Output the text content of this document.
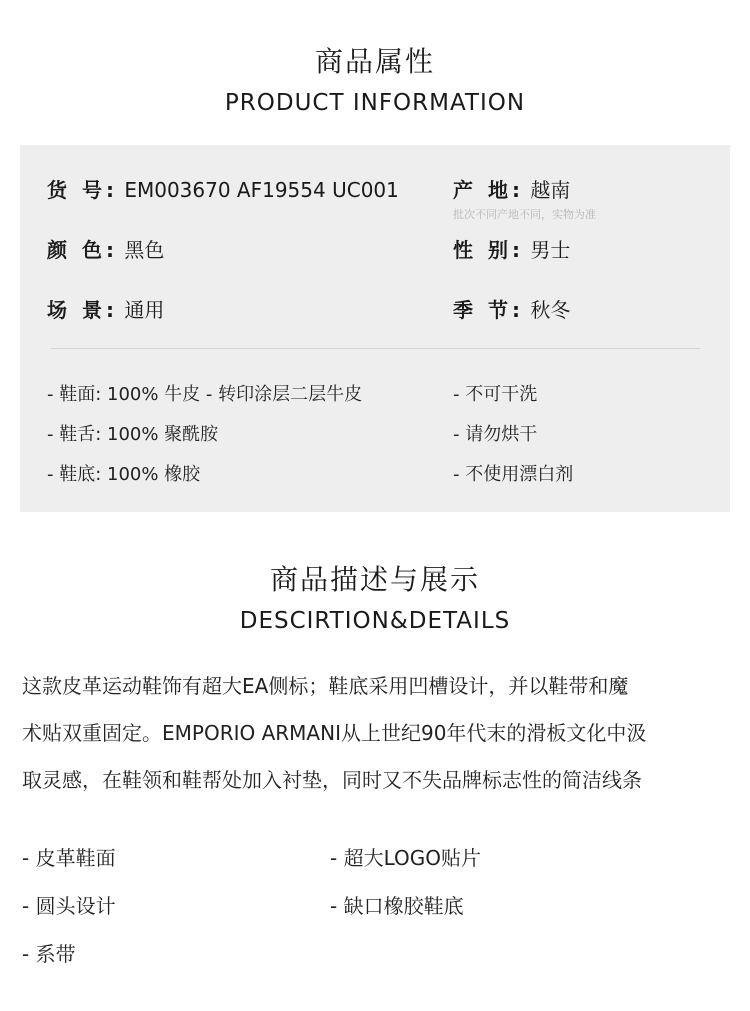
商品属性
PRODUCT INFORMATION
货 号: EM003670 AF19554 UC001	产 地: 越南
批次不同产地不同，实物为准
颜 色: 黑色	性 别: 男士
场 景: 通用	季 节: 秋冬
- 鞋面: 100% 牛皮 - 转印涂层二层牛皮
- 鞋舌: 100% 聚酰胺
- 鞋底: 100% 橡胶
- 不可干洗
- 请勿烘干
- 不使用漂白剂
商品描述与展示
DESCIRTION&DETAILS
这款皮革运动鞋饰有超大EA侧标；鞋底采用凹槽设计，并以鞋带和魔
术贴双重固定。EMPORIO ARMANI从上世纪90年代末的滑板文化中汲
取灵感，在鞋领和鞋帮处加入衬垫，同时又不失品牌标志性的简洁线条
- 皮革鞋面
- 圆头设计
- 系带
- 超大LOGO贴片
- 缺口橡胶鞋底
